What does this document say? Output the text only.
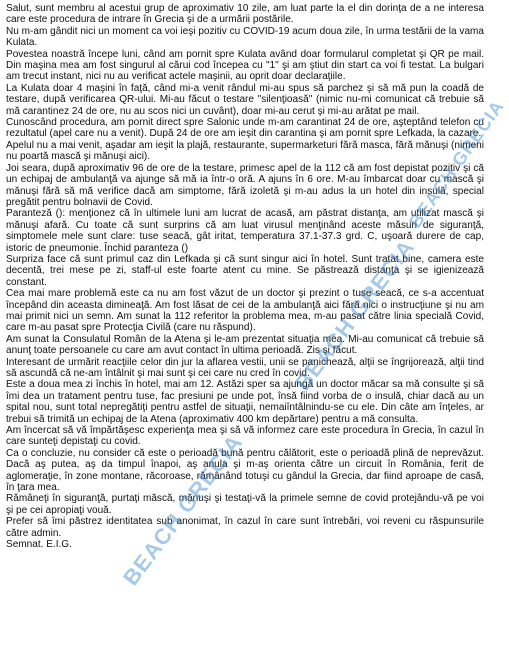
Salut, sunt membru al acestui grup de aproximativ 10 zile, am luat parte la el din dorinţa de a ne interesa care este procedura de intrare în Grecia şi de a urmării postările.

Nu m-am gândit nici un moment ca voi ieşi pozitiv cu COVID-19 acum doua zile, în urma testării de la vama Kulata.

Povestea noastră începe luni, când am pornit spre Kulata având doar formularul completat şi QR pe mail. Din maşina mea am fost singurul al cărui cod începea cu "1" şi am ştiut din start ca voi fi testat. La bulgari am trecut instant, nici nu au verificat actele maşinii, au oprit doar declaraţiile.

La Kulata doar 4 maşini în faţă, când mi-a venit rândul mi-au spus să parchez şi să mă pun la coadă de testare, după verificarea QR-ului. Mi-au făcut o testare "silenţioasă" (nimic nu-mi comunicat că trebuie să mă carantinez 24 de ore, nu au scos nici un cuvânt), doar mi-au cerut şi mi-au arătat pe mail.

Cunoscând procedura, am pornit direct spre Salonic unde m-am carantinat 24 de ore, aşteptând telefon cu rezultatul (apel care nu a venit). După 24 de ore am ieşit din carantina şi am pornit spre Lefkada, la cazare.

Apelul nu a mai venit, aşadar am ieşit la plajă, restaurante, supermarketuri fără masca, fără mănuşi (nimeni nu poartă mască şi mănuşi aici).

Joi seara, după aproximativ 96 de ore de la testare, primesc apel de la 112 că am fost depistat pozitiv şi că un echipaj de ambulanţă va ajunge să mă ia într-o oră. A ajuns în 6 ore. M-au îmbarcat doar cu mască şi mănuşi fără să mă verifice dacă am simptome, fără izoletă şi m-au adus la un hotel din insulă, special pregătit pentru bolnavii de Covid.

Paranteză (): menţionez că în ultimele luni am lucrat de acasă, am păstrat distanţa, am utilizat mască şi mănuşi afară. Cu toate că sunt surprins că am luat virusul menţinând aceste măsuri de siguranţă, simptomele mele sunt clare: tuse seacă, gât iritat, temperatura 37.1-37.3 grd. C, uşoară durere de cap, istoric de pneumonie. Închid paranteza ()

Surpriza face că sunt primul caz din Lefkada şi că sunt singur aici în hotel. Sunt tratat bine, camera este decentă, trei mese pe zi, staff-ul este foarte atent cu mine. Se păstrează distanţa şi se igienizează constant.

Cea mai mare problemă este ca nu am fost văzut de un doctor şi prezint o tuse seacă, ce s-a accentuat începând din aceasta dimineaţă. Am fost lăsat de cei de la ambulanţă aici fără nici o instrucţiune şi nu am mai primit nici un semn. Am sunat la 112 referitor la problema mea, m-au pasat către linia specială Covid, care m-au pasat spre Protecţia Civilă (care nu răspund).

Am sunat la Consulatul Român de la Atena şi le-am prezentat situaţia mea. Mi-au comunicat că trebuie să anunţ toate persoanele cu care am avut contact în ultima perioadă. Zis şi făcut.

Interesant de urmărit reacţiile celor din jur la aflarea vestii, unii se panichează, alţii se îngrijorează, alţii tind să ascundă că ne-am întâlnit şi mai sunt şi cei care nu cred în covid.

Este a doua mea zi închis în hotel, mai am 12. Astăzi sper sa ajungă un doctor măcar sa mă consulte şi să îmi dea un tratament pentru tuse, fac presiuni pe unde pot, însă fiind vorba de o insulă, chiar dacă au un spital nou, sunt total nepregătiţi pentru astfel de situaţii, nemaiîntâlnindu-se cu ele. Din câte am înţeles, ar trebui să trimită un echipaj de la Atena (aproximativ 400 km depărtare) pentru a mă consulta.

Am încercat să vă împărtăşesc experienţa mea şi să vă informez care este procedura în Grecia, în cazul în care sunteţi depistaţi cu covid.

Ca o concluzie, nu consider că este o perioadă bună pentru călătorit, este o perioadă plină de neprevăzut. Dacă aş putea, aş da timpul înapoi, aş anula şi m-aş orienta către un circuit în România, ferit de aglomeraţie, în zone montane, răcoroase, rămânând totuşi cu gândul la Grecia, dar fiind aproape de casă, în ţara mea.

Rămâneţi în siguranţă, purtaţi măscă, mănuşi şi testaţi-vă la primele semne de covid protejându-vă pe voi şi pe cei apropiaţi vouă.

Prefer să îmi păstrez identitatea sub anonimat, în cazul în care sunt întrebări, voi reveni cu răspunsurile către admin.

Semnat. E.I.G.

BEACH GRECIA
BEACH GRECIA
BEACH GRECIA
